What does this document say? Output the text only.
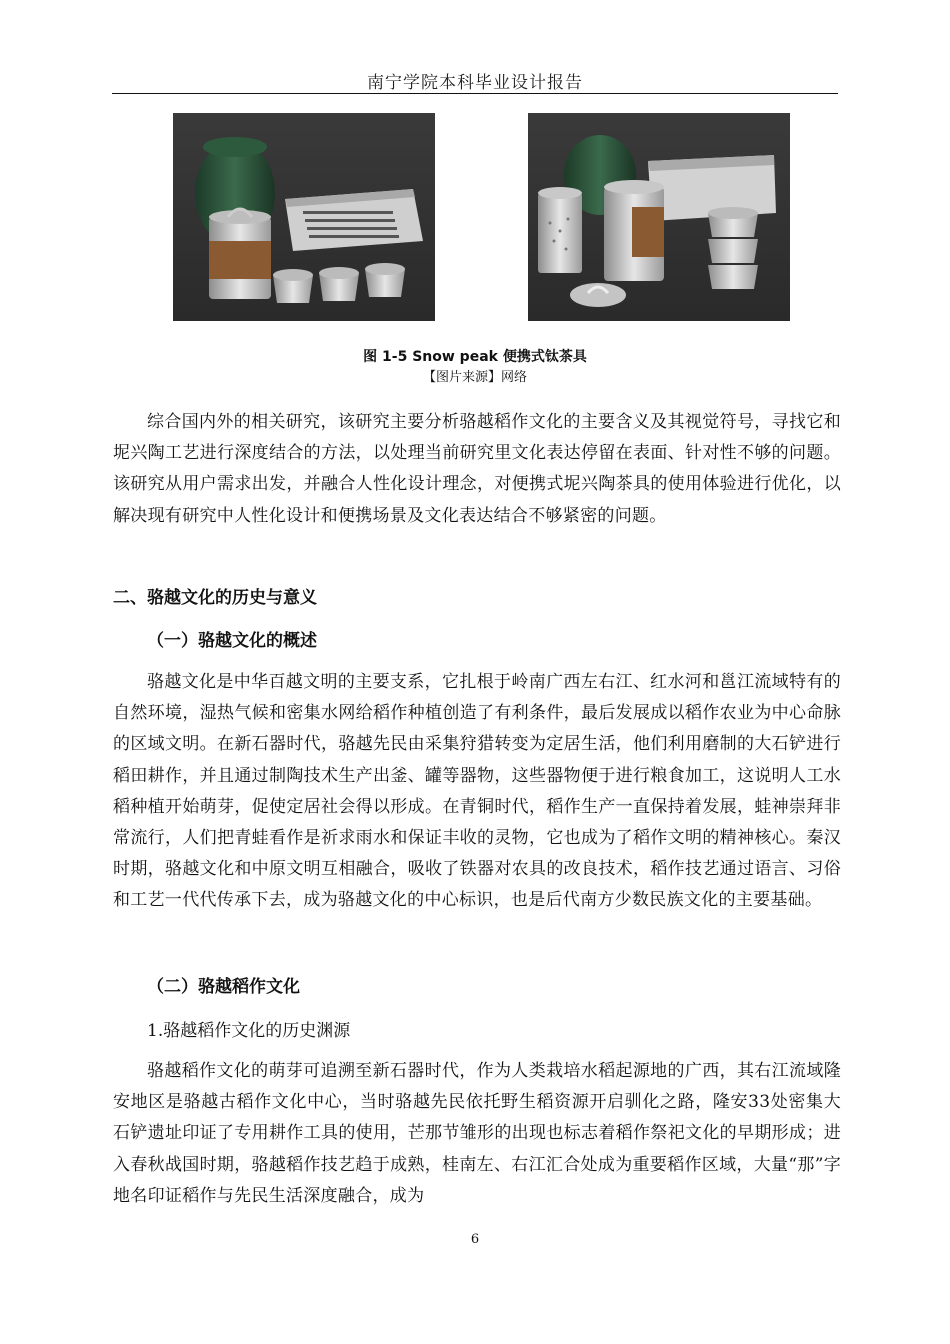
南宁学院本科毕业设计报告
图 1-5 Snow peak 便携式钛茶具
【图片来源】网络

综合国内外的相关研究，该研究主要分析骆越稻作文化的主要含义及其视觉符号，寻找它和坭兴陶工艺进行深度结合的方法，以处理当前研究里文化表达停留在表面、针对性不够的问题。该研究从用户需求出发，并融合人性化设计理念，对便携式坭兴陶茶具的使用体验进行优化，以解决现有研究中人性化设计和便携场景及文化表达结合不够紧密的问题。

二、骆越文化的历史与意义
（一）骆越文化的概述

骆越文化是中华百越文明的主要支系，它扎根于岭南广西左右江、红水河和邕江流域特有的自然环境，湿热气候和密集水网给稻作种植创造了有利条件，最后发展成以稻作农业为中心命脉的区域文明。在新石器时代，骆越先民由采集狩猎转变为定居生活，他们利用磨制的大石铲进行稻田耕作，并且通过制陶技术生产出釜、罐等器物，这些器物便于进行粮食加工，这说明人工水稻种植开始萌芽，促使定居社会得以形成。在青铜时代，稻作生产一直保持着发展，蛙神崇拜非常流行，人们把青蛙看作是祈求雨水和保证丰收的灵物，它也成为了稻作文明的精神核心。秦汉时期，骆越文化和中原文明互相融合，吸收了铁器对农具的改良技术，稻作技艺通过语言、习俗和工艺一代代传承下去，成为骆越文化的中心标识，也是后代南方少数民族文化的主要基础。

（二）骆越稻作文化
1.骆越稻作文化的历史渊源

骆越稻作文化的萌芽可追溯至新石器时代，作为人类栽培水稻起源地的广西，其右江流域隆安地区是骆越古稻作文化中心，当时骆越先民依托野生稻资源开启驯化之路，隆安33处密集大石铲遗址印证了专用耕作工具的使用，芒那节雏形的出现也标志着稻作祭祀文化的早期形成；进入春秋战国时期，骆越稻作技艺趋于成熟，桂南左、右江汇合处成为重要稻作区域，大量“那”字地名印证稻作与先民生活深度融合，成为

6
